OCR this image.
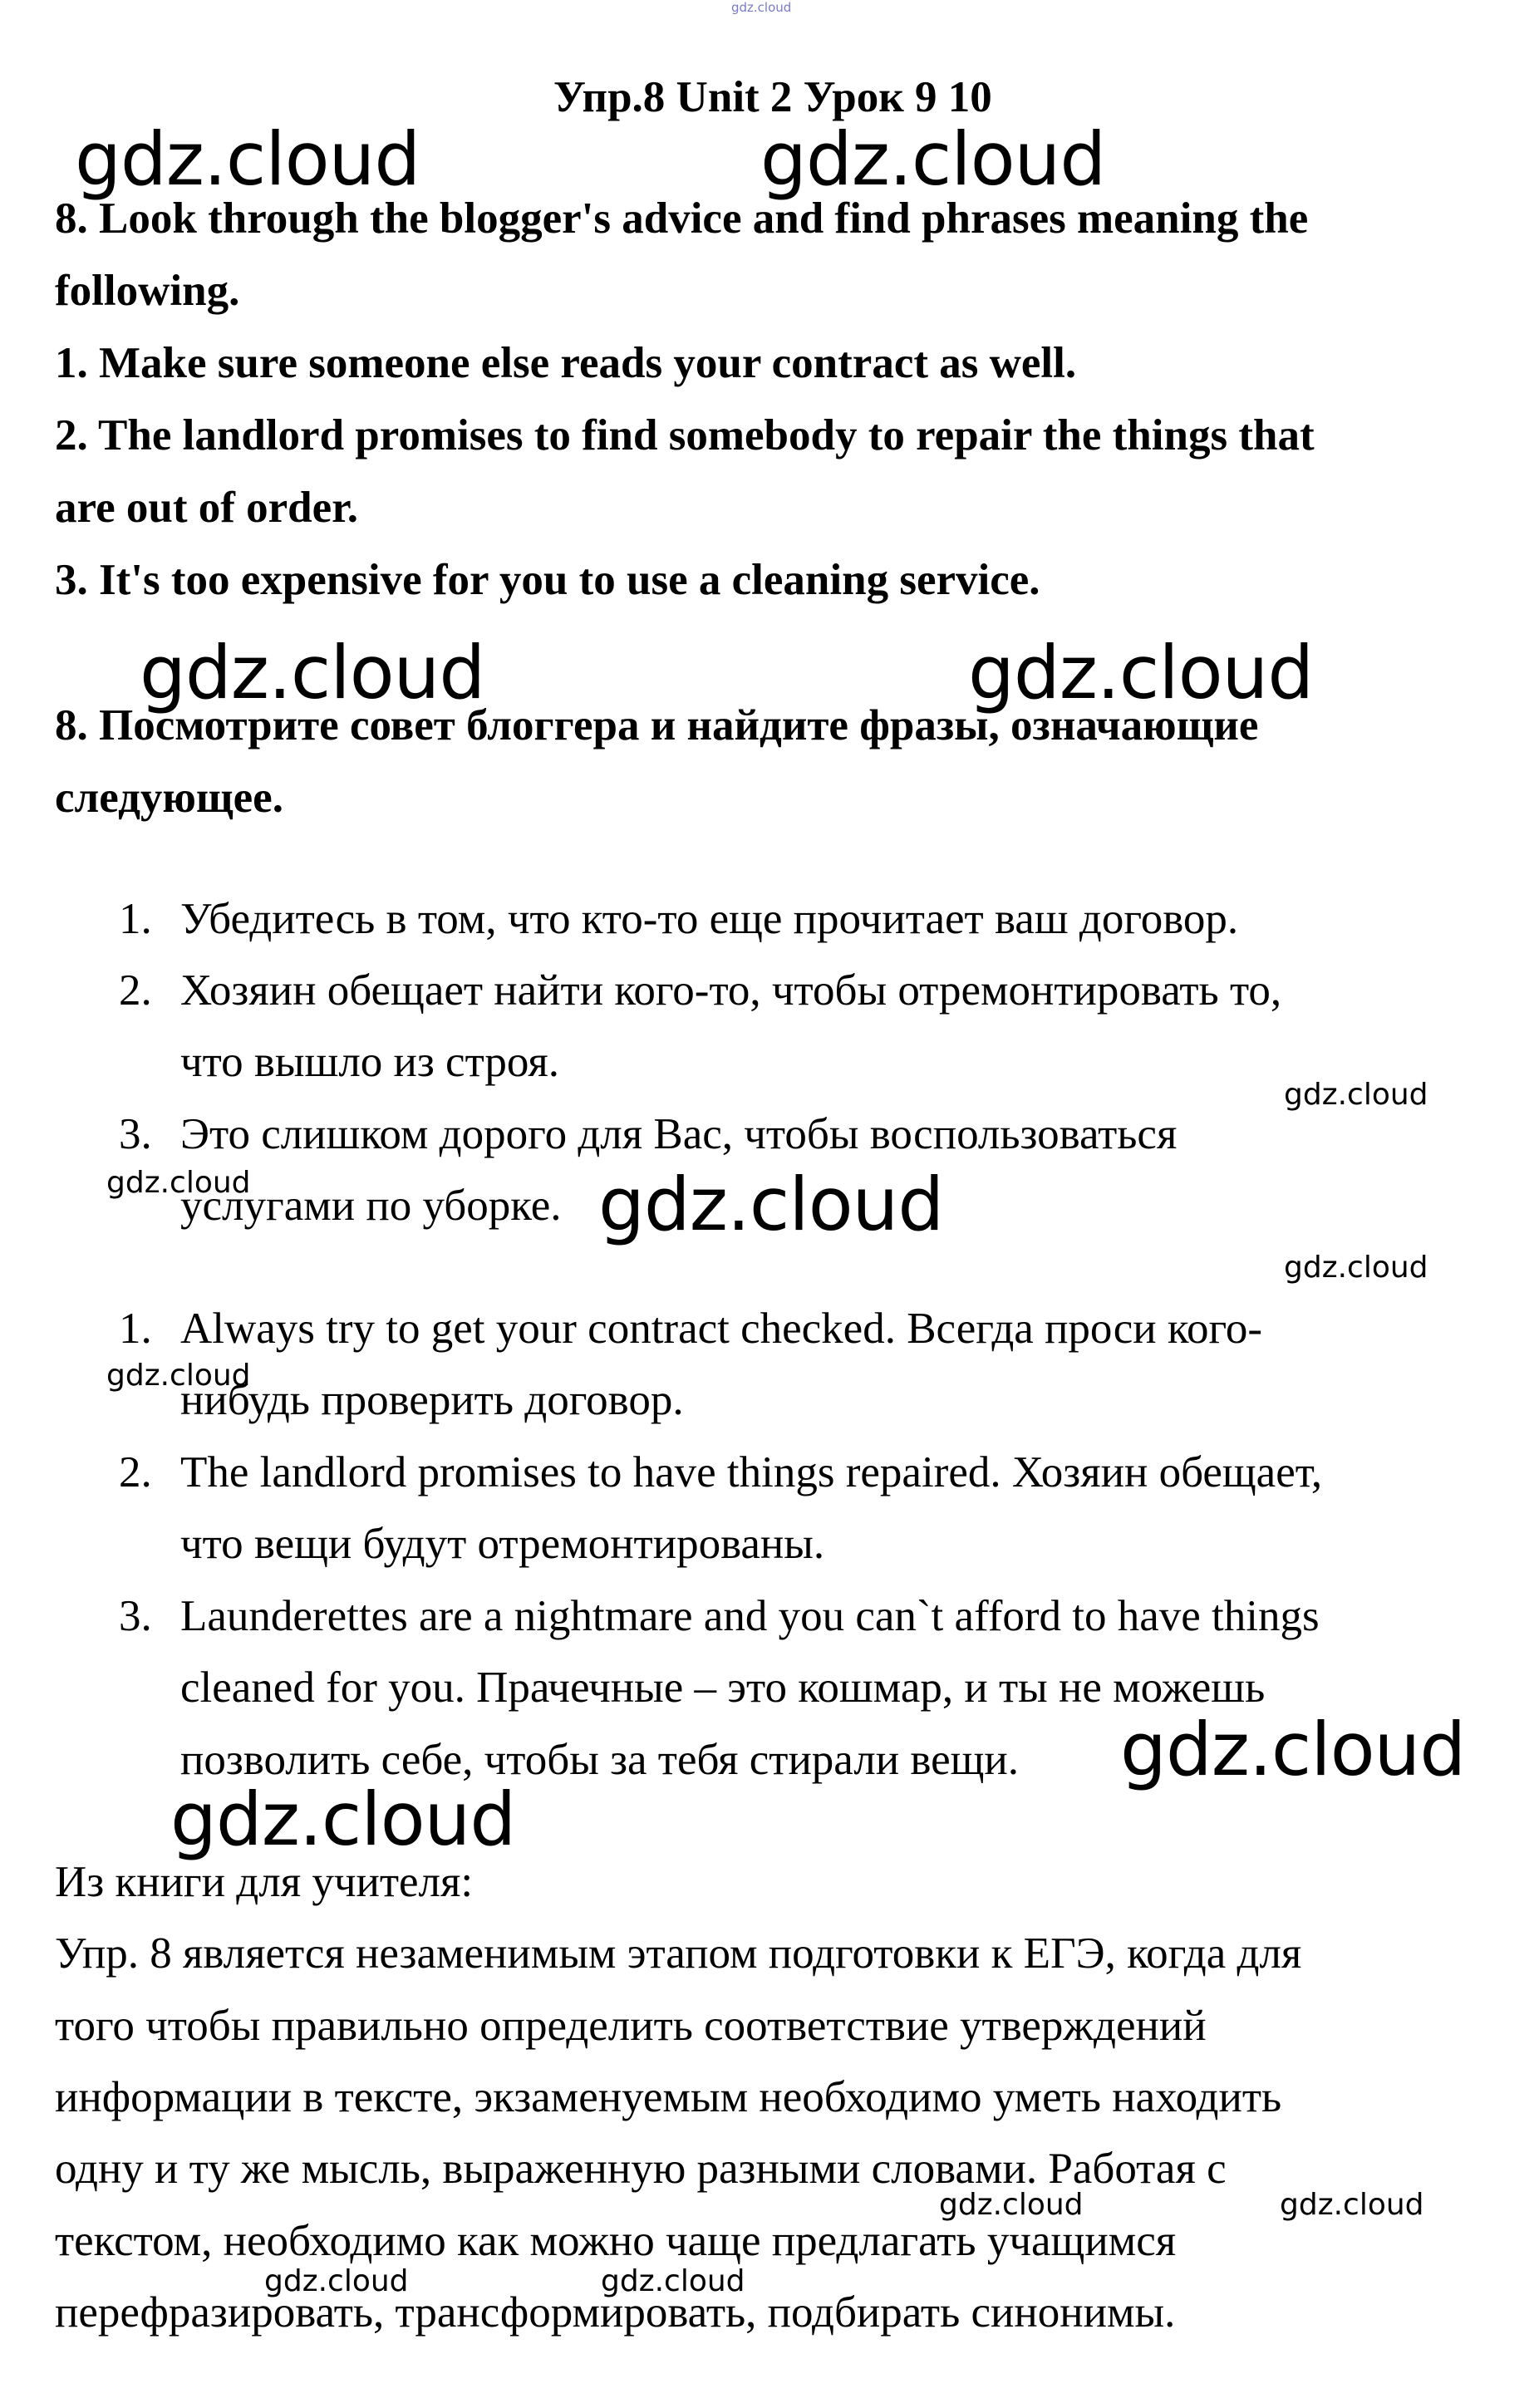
gdz.cloud
Упр.8 Unit 2 Урок 9 10
8. Look through the blogger's advice and find phrases meaning the
following.
1. Make sure someone else reads your contract as well.
2. The landlord promises to find somebody to repair the things that
are out of order.
3. It's too expensive for you to use a cleaning service.
8. Посмотрите совет блоггера и найдите фразы, означающие
следующее.
1. Убедитесь в том, что кто-то еще прочитает ваш договор.
2. Хозяин обещает найти кого-то, чтобы отремонтировать то,
что вышло из строя.
3. Это слишком дорого для Вас, чтобы воспользоваться
услугами по уборке.
1. Always try to get your contract checked. Всегда проси кого-
нибудь проверить договор.
2. The landlord promises to have things repaired. Хозяин обещает,
что вещи будут отремонтированы.
3. Launderettes are a nightmare and you can`t afford to have things
cleaned for you. Прачечные – это кошмар, и ты не можешь
позволить себе, чтобы за тебя стирали вещи.
Из книги для учителя:
Упр. 8 является незаменимым этапом подготовки к ЕГЭ, когда для
того чтобы правильно определить соответствие утверждений
информации в тексте, экзаменуемым необходимо уметь находить
одну и ту же мысль, выраженную разными словами. Работая с
текстом, необходимо как можно чаще предлагать учащимся
перефразировать, трансформировать, подбирать синонимы.
gdz.cloud	gdz.cloud
gdz.cloud	gdz.cloud
gdz.cloud
gdz.cloud
gdz.cloud
gdz.cloud
gdz.cloud
gdz.cloud
gdz.cloud
gdz.cloud	gdz.cloud
gdz.cloud	gdz.cloud
